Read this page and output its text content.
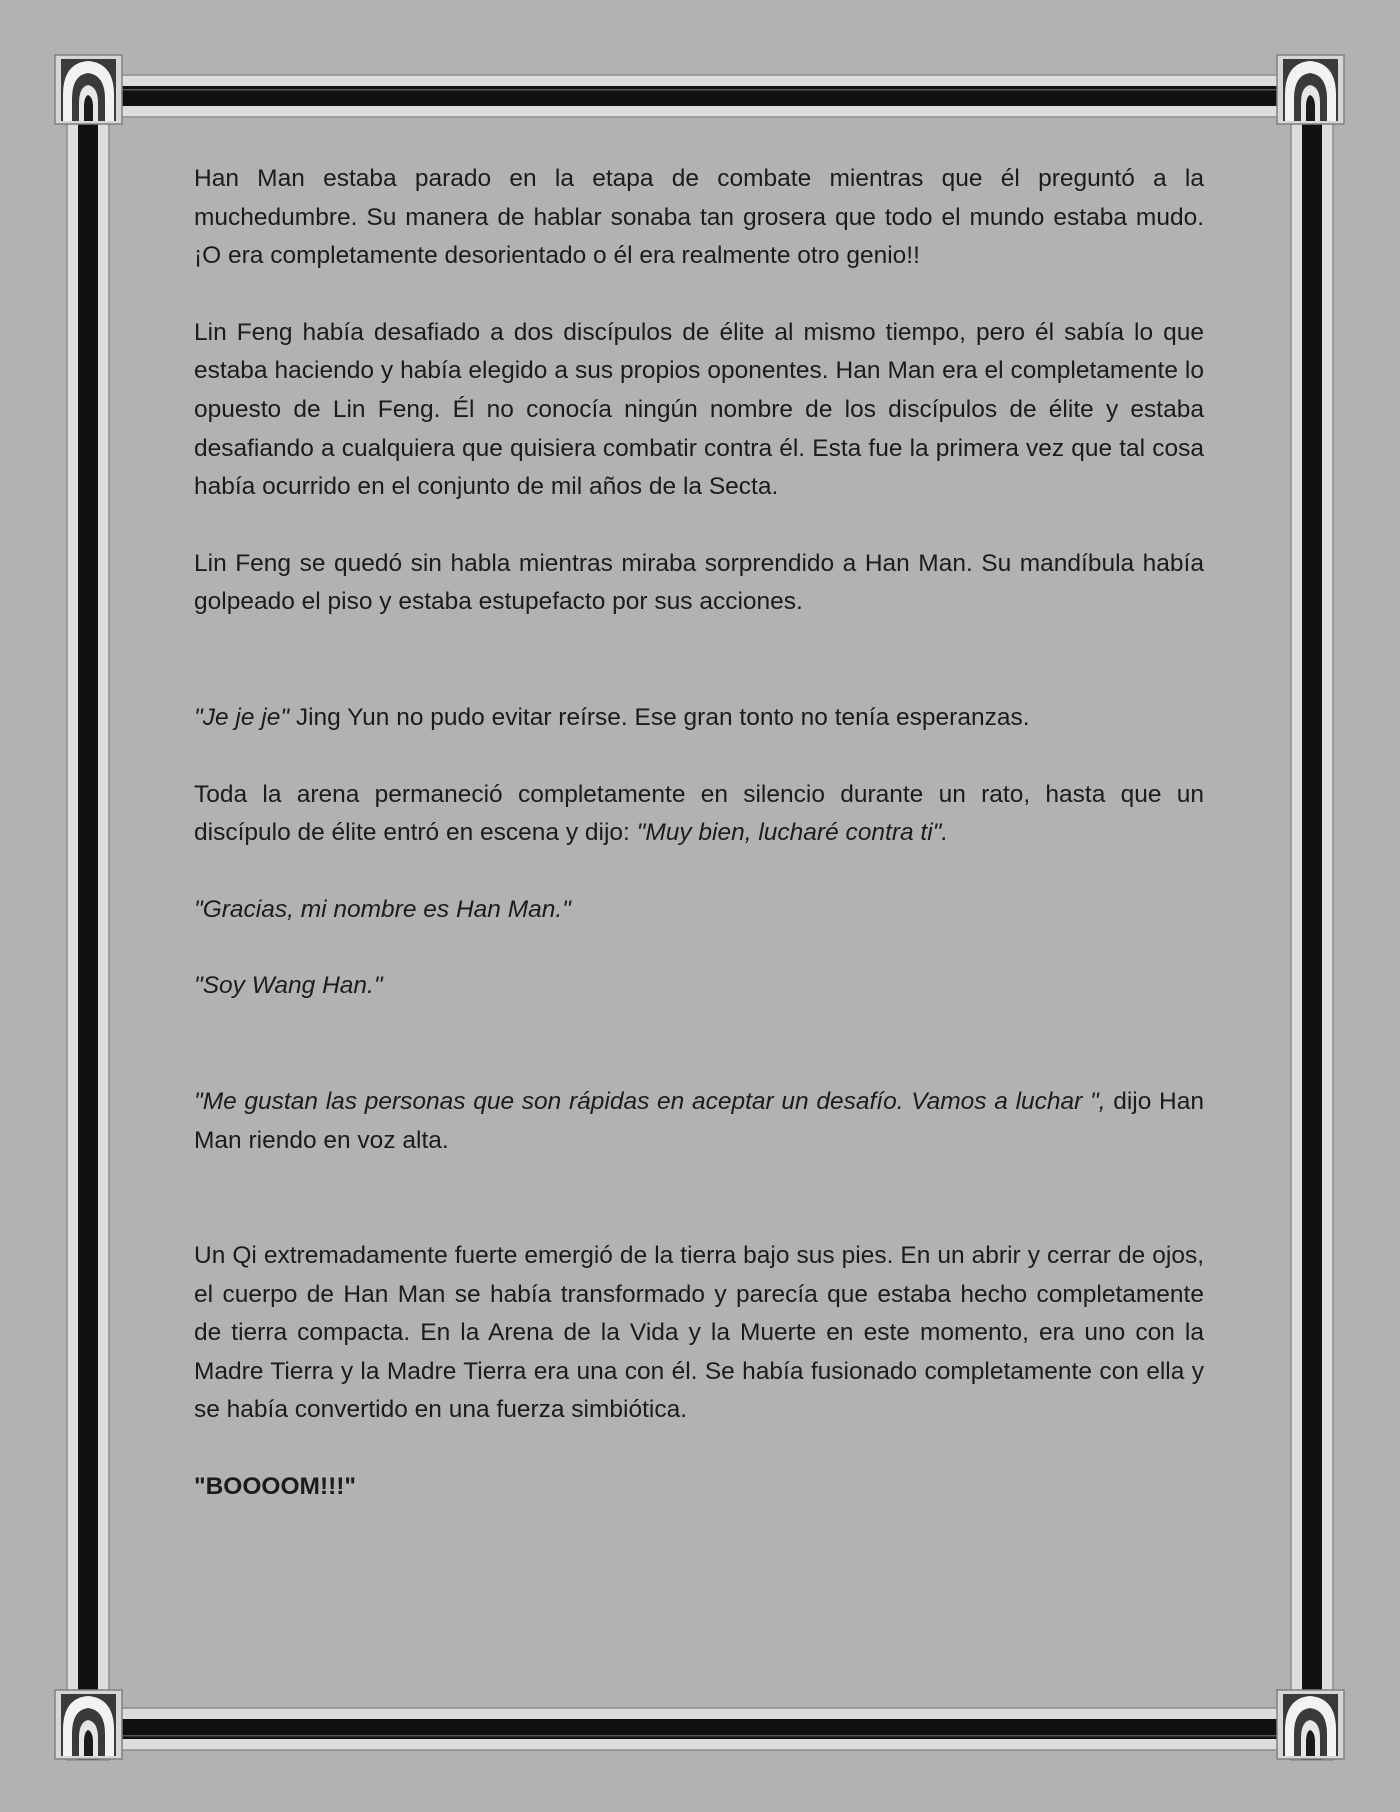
Han Man estaba parado en la etapa de combate mientras que él preguntó a la muchedumbre. Su manera de hablar sonaba tan grosera que todo el mundo estaba mudo. ¡O era completamente desorientado o él era realmente otro genio!!

Lin Feng había desafiado a dos discípulos de élite al mismo tiempo, pero él sabía lo que estaba haciendo y había elegido a sus propios oponentes. Han Man era el completamente lo opuesto de Lin Feng. Él no conocía ningún nombre de los discípulos de élite y estaba desafiando a cualquiera que quisiera combatir contra él. Esta fue la primera vez que tal cosa había ocurrido en el conjunto de mil años de la Secta.

Lin Feng se quedó sin habla mientras miraba sorprendido a Han Man. Su mandíbula había golpeado el piso y estaba estupefacto por sus acciones.

"Je je je" Jing Yun no pudo evitar reírse. Ese gran tonto no tenía esperanzas.

Toda la arena permaneció completamente en silencio durante un rato, hasta que un discípulo de élite entró en escena y dijo: "Muy bien, lucharé contra ti".

"Gracias, mi nombre es Han Man."

"Soy Wang Han."

"Me gustan las personas que son rápidas en aceptar un desafío. Vamos a luchar ", dijo Han Man riendo en voz alta.

Un Qi extremadamente fuerte emergió de la tierra bajo sus pies. En un abrir y cerrar de ojos, el cuerpo de Han Man se había transformado y parecía que estaba hecho completamente de tierra compacta. En la Arena de la Vida y la Muerte en este momento, era uno con la Madre Tierra y la Madre Tierra era una con él. Se había fusionado completamente con ella y se había convertido en una fuerza simbiótica.

"BOOOOM!!!"
